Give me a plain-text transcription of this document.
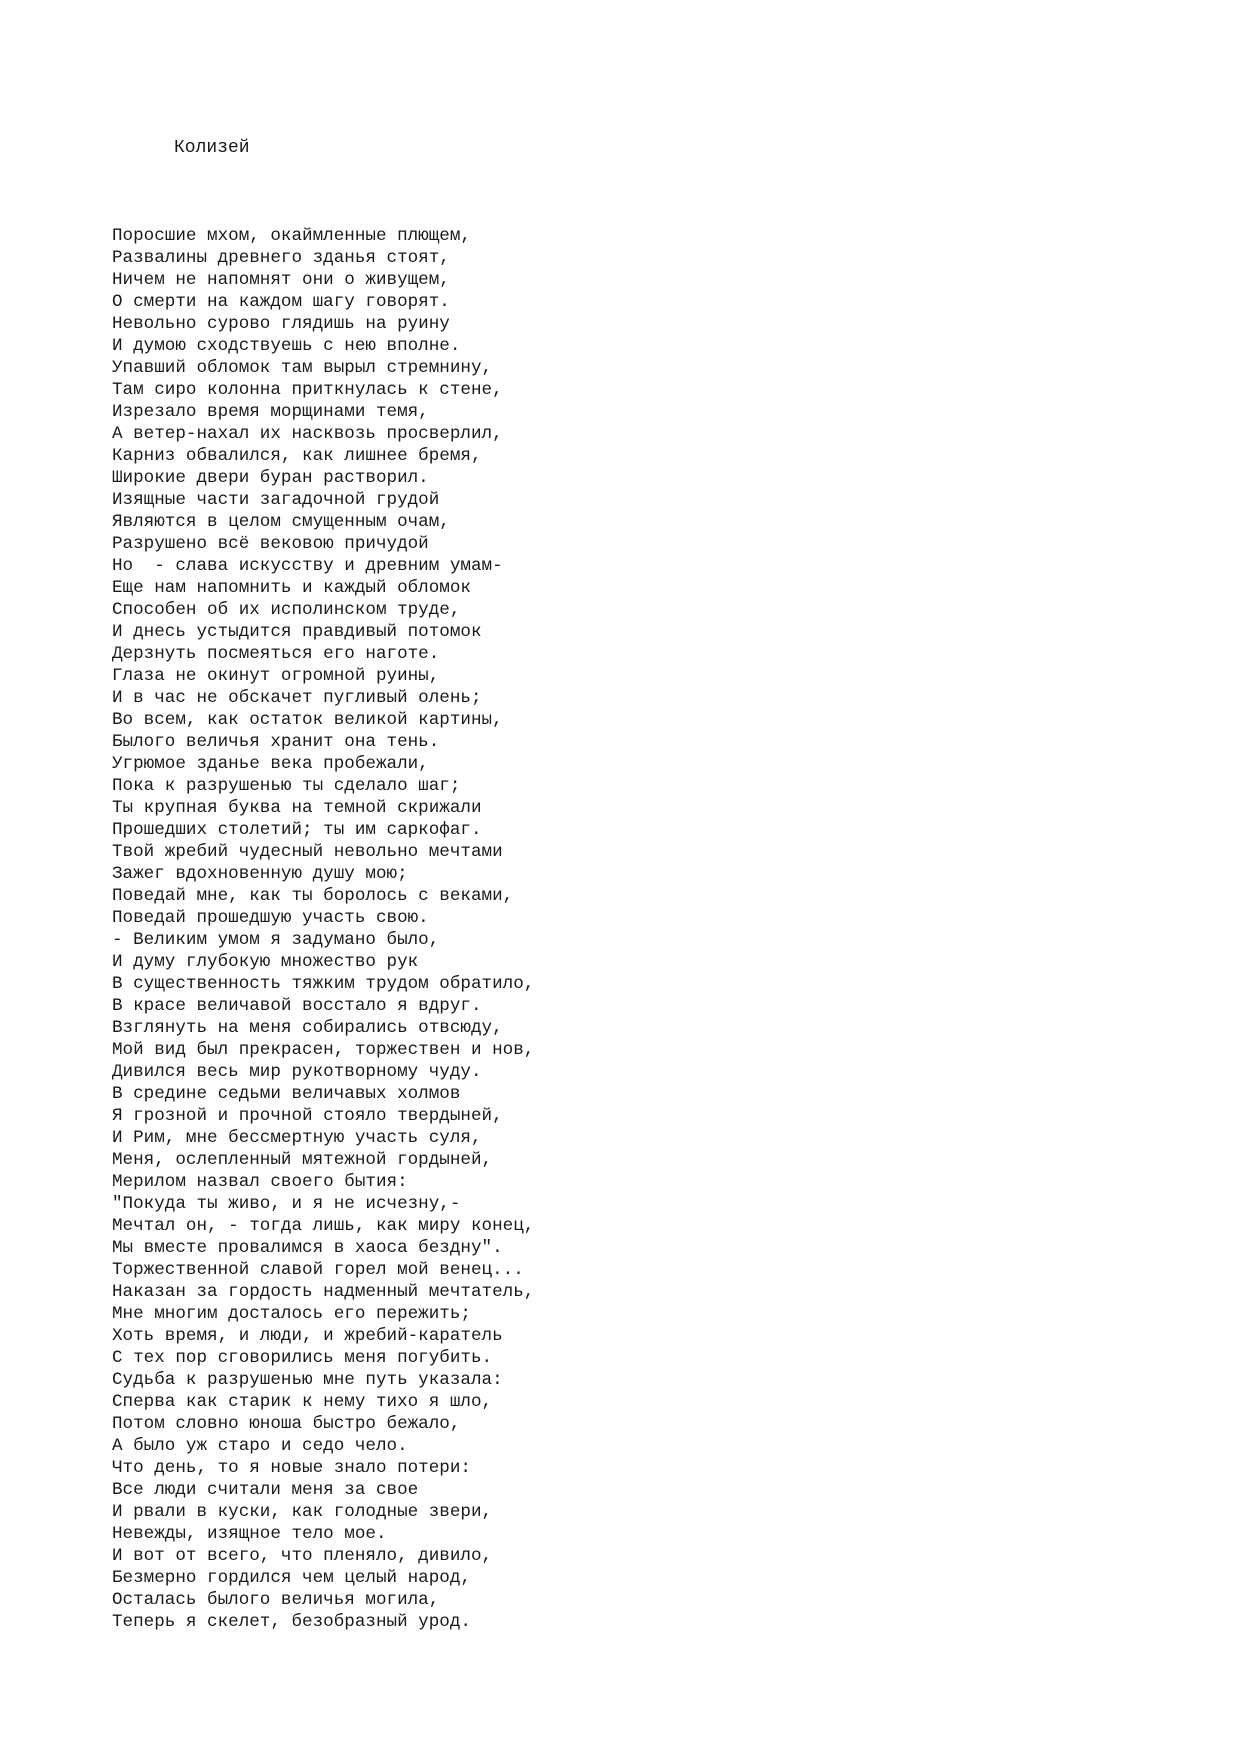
Колизей
Поросшие мхом, окаймленные плющем,
Развалины древнего зданья стоят,
Ничем не напомнят они о живущем,
О смерти на каждом шагу говорят.
Невольно сурово глядишь на руину
И думою сходствуешь с нею вполне.
Упавший обломок там вырыл стремнину,
Там сиро колонна приткнулась к стене,
Изрезало время морщинами темя,
А ветер-нахал их насквозь просверлил,
Карниз обвалился, как лишнее бремя,
Широкие двери буран растворил.
Изящные части загадочной грудой
Являются в целом смущенным очам,
Разрушено всё вековою причудой
Но  - слава искусству и древним умам-
Еще нам напомнить и каждый обломок
Способен об их исполинском труде,
И днесь устыдится правдивый потомок
Дерзнуть посмеяться его наготе.
Глаза не окинут огромной руины,
И в час не обскачет пугливый олень;
Во всем, как остаток великой картины,
Былого величья хранит она тень.
Угрюмое зданье века пробежали,
Пока к разрушенью ты сделало шаг;
Ты крупная буква на темной скрижали
Прошедших столетий; ты им саркофаг.
Твой жребий чудесный невольно мечтами
Зажег вдохновенную душу мою;
Поведай мне, как ты боролось с веками,
Поведай прошедшую участь свою.
- Великим умом я задумано было,
И думу глубокую множество рук
В существенность тяжким трудом обратило,
В красе величавой восстало я вдруг.
Взглянуть на меня собирались отвсюду,
Мой вид был прекрасен, торжествен и нов,
Дивился весь мир рукотворному чуду.
В средине седьми величавых холмов
Я грозной и прочной стояло твердыней,
И Рим, мне бессмертную участь суля,
Меня, ослепленный мятежной гордыней,
Мерилом назвал своего бытия:
"Покуда ты живо, и я не исчезну,-
Мечтал он, - тогда лишь, как миру конец,
Мы вместе провалимся в хаоса бездну".
Торжественной славой горел мой венец...
Наказан за гордость надменный мечтатель,
Мне многим досталось его пережить;
Хоть время, и люди, и жребий-каратель
С тех пор сговорились меня погубить.
Судьба к разрушенью мне путь указала:
Сперва как старик к нему тихо я шло,
Потом словно юноша быстро бежало,
А было уж старо и седо чело.
Что день, то я новые знало потери:
Все люди считали меня за свое
И рвали в куски, как голодные звери,
Невежды, изящное тело мое.
И вот от всего, что пленяло, дивило,
Безмерно гордился чем целый народ,
Осталась былого величья могила,
Теперь я скелет, безобразный урод.
